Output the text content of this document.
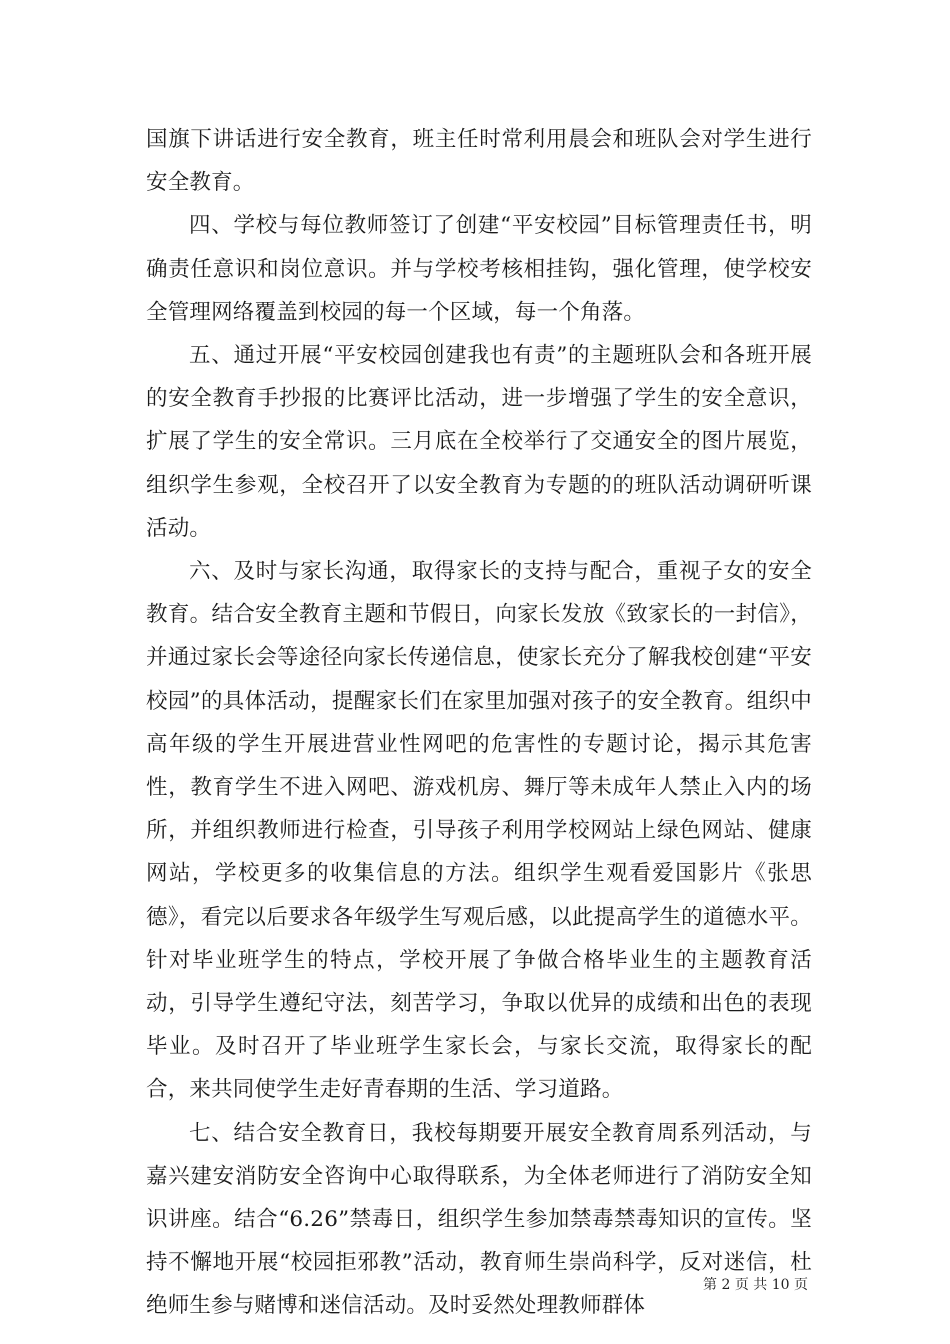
国旗下讲话进行安全教育，班主任时常利用晨会和班队会对学生进行安全教育。

四、学校与每位教师签订了创建“平安校园”目标管理责任书，明确责任意识和岗位意识。并与学校考核相挂钩，强化管理，使学校安全管理网络覆盖到校园的每一个区域，每一个角落。

五、通过开展“平安校园创建我也有责”的主题班队会和各班开展的安全教育手抄报的比赛评比活动，进一步增强了学生的安全意识，扩展了学生的安全常识。三月底在全校举行了交通安全的图片展览，组织学生参观，全校召开了以安全教育为专题的的班队活动调研听课活动。

六、及时与家长沟通，取得家长的支持与配合，重视子女的安全教育。结合安全教育主题和节假日，向家长发放《致家长的一封信》，并通过家长会等途径向家长传递信息，使家长充分了解我校创建“平安校园”的具体活动，提醒家长们在家里加强对孩子的安全教育。组织中高年级的学生开展进营业性网吧的危害性的专题讨论，揭示其危害性，教育学生不进入网吧、游戏机房、舞厅等未成年人禁止入内的场所，并组织教师进行检查，引导孩子利用学校网站上绿色网站、健康网站，学校更多的收集信息的方法。组织学生观看爱国影片《张思德》，看完以后要求各年级学生写观后感，以此提高学生的道德水平。针对毕业班学生的特点，学校开展了争做合格毕业生的主题教育活动，引导学生遵纪守法，刻苦学习，争取以优异的成绩和出色的表现毕业。及时召开了毕业班学生家长会，与家长交流，取得家长的配合，来共同使学生走好青春期的生活、学习道路。

七、结合安全教育日，我校每期要开展安全教育周系列活动，与嘉兴建安消防安全咨询中心取得联系，为全体老师进行了消防安全知识讲座。结合“6.26”禁毒日，组织学生参加禁毒禁毒知识的宣传。坚持不懈地开展“校园拒邪教”活动，教育师生崇尚科学，反对迷信，杜绝师生参与赌博和迷信活动。及时妥然处理教师群体

第 2 页 共 10 页
